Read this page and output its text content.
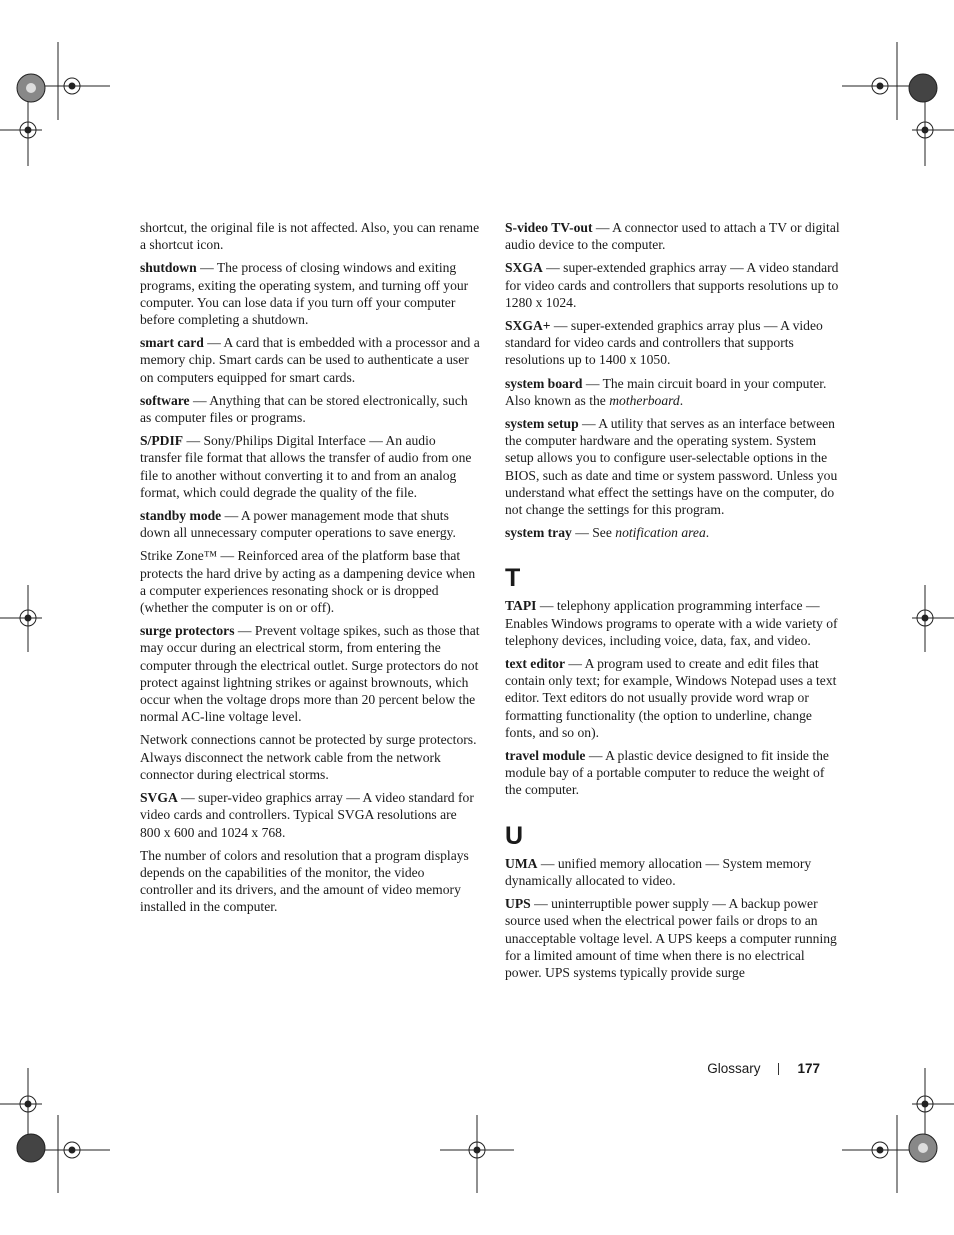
shortcut, the original file is not affected. Also, you can rename a shortcut icon.

shutdown — The process of closing windows and exiting programs, exiting the operating system, and turning off your computer. You can lose data if you turn off your computer before completing a shutdown.

smart card — A card that is embedded with a processor and a memory chip. Smart cards can be used to authenticate a user on computers equipped for smart cards.

software — Anything that can be stored electronically, such as computer files or programs.

S/PDIF — Sony/Philips Digital Interface — An audio transfer file format that allows the transfer of audio from one file to another without converting it to and from an analog format, which could degrade the quality of the file.

standby mode — A power management mode that shuts down all unnecessary computer operations to save energy.

Strike Zone™ — Reinforced area of the platform base that protects the hard drive by acting as a dampening device when a computer experiences resonating shock or is dropped (whether the computer is on or off).

surge protectors — Prevent voltage spikes, such as those that may occur during an electrical storm, from entering the computer through the electrical outlet. Surge protectors do not protect against lightning strikes or against brownouts, which occur when the voltage drops more than 20 percent below the normal AC-line voltage level.

Network connections cannot be protected by surge protectors. Always disconnect the network cable from the network connector during electrical storms.

SVGA — super-video graphics array — A video standard for video cards and controllers. Typical SVGA resolutions are 800 x 600 and 1024 x 768.

The number of colors and resolution that a program displays depends on the capabilities of the monitor, the video controller and its drivers, and the amount of video memory installed in the computer.

S-video TV-out — A connector used to attach a TV or digital audio device to the computer.

SXGA — super-extended graphics array — A video standard for video cards and controllers that supports resolutions up to 1280 x 1024.

SXGA+ — super-extended graphics array plus — A video standard for video cards and controllers that supports resolutions up to 1400 x 1050.

system board — The main circuit board in your computer. Also known as the motherboard.

system setup — A utility that serves as an interface between the computer hardware and the operating system. System setup allows you to configure user-selectable options in the BIOS, such as date and time or system password. Unless you understand what effect the settings have on the computer, do not change the settings for this program.

system tray — See notification area.

T

TAPI — telephony application programming interface — Enables Windows programs to operate with a wide variety of telephony devices, including voice, data, fax, and video.

text editor — A program used to create and edit files that contain only text; for example, Windows Notepad uses a text editor. Text editors do not usually provide word wrap or formatting functionality (the option to underline, change fonts, and so on).

travel module — A plastic device designed to fit inside the module bay of a portable computer to reduce the weight of the computer.

U

UMA — unified memory allocation — System memory dynamically allocated to video.

UPS — uninterruptible power supply — A backup power source used when the electrical power fails or drops to an unacceptable voltage level. A UPS keeps a computer running for a limited amount of time when there is no electrical power. UPS systems typically provide surge

Glossary	177
